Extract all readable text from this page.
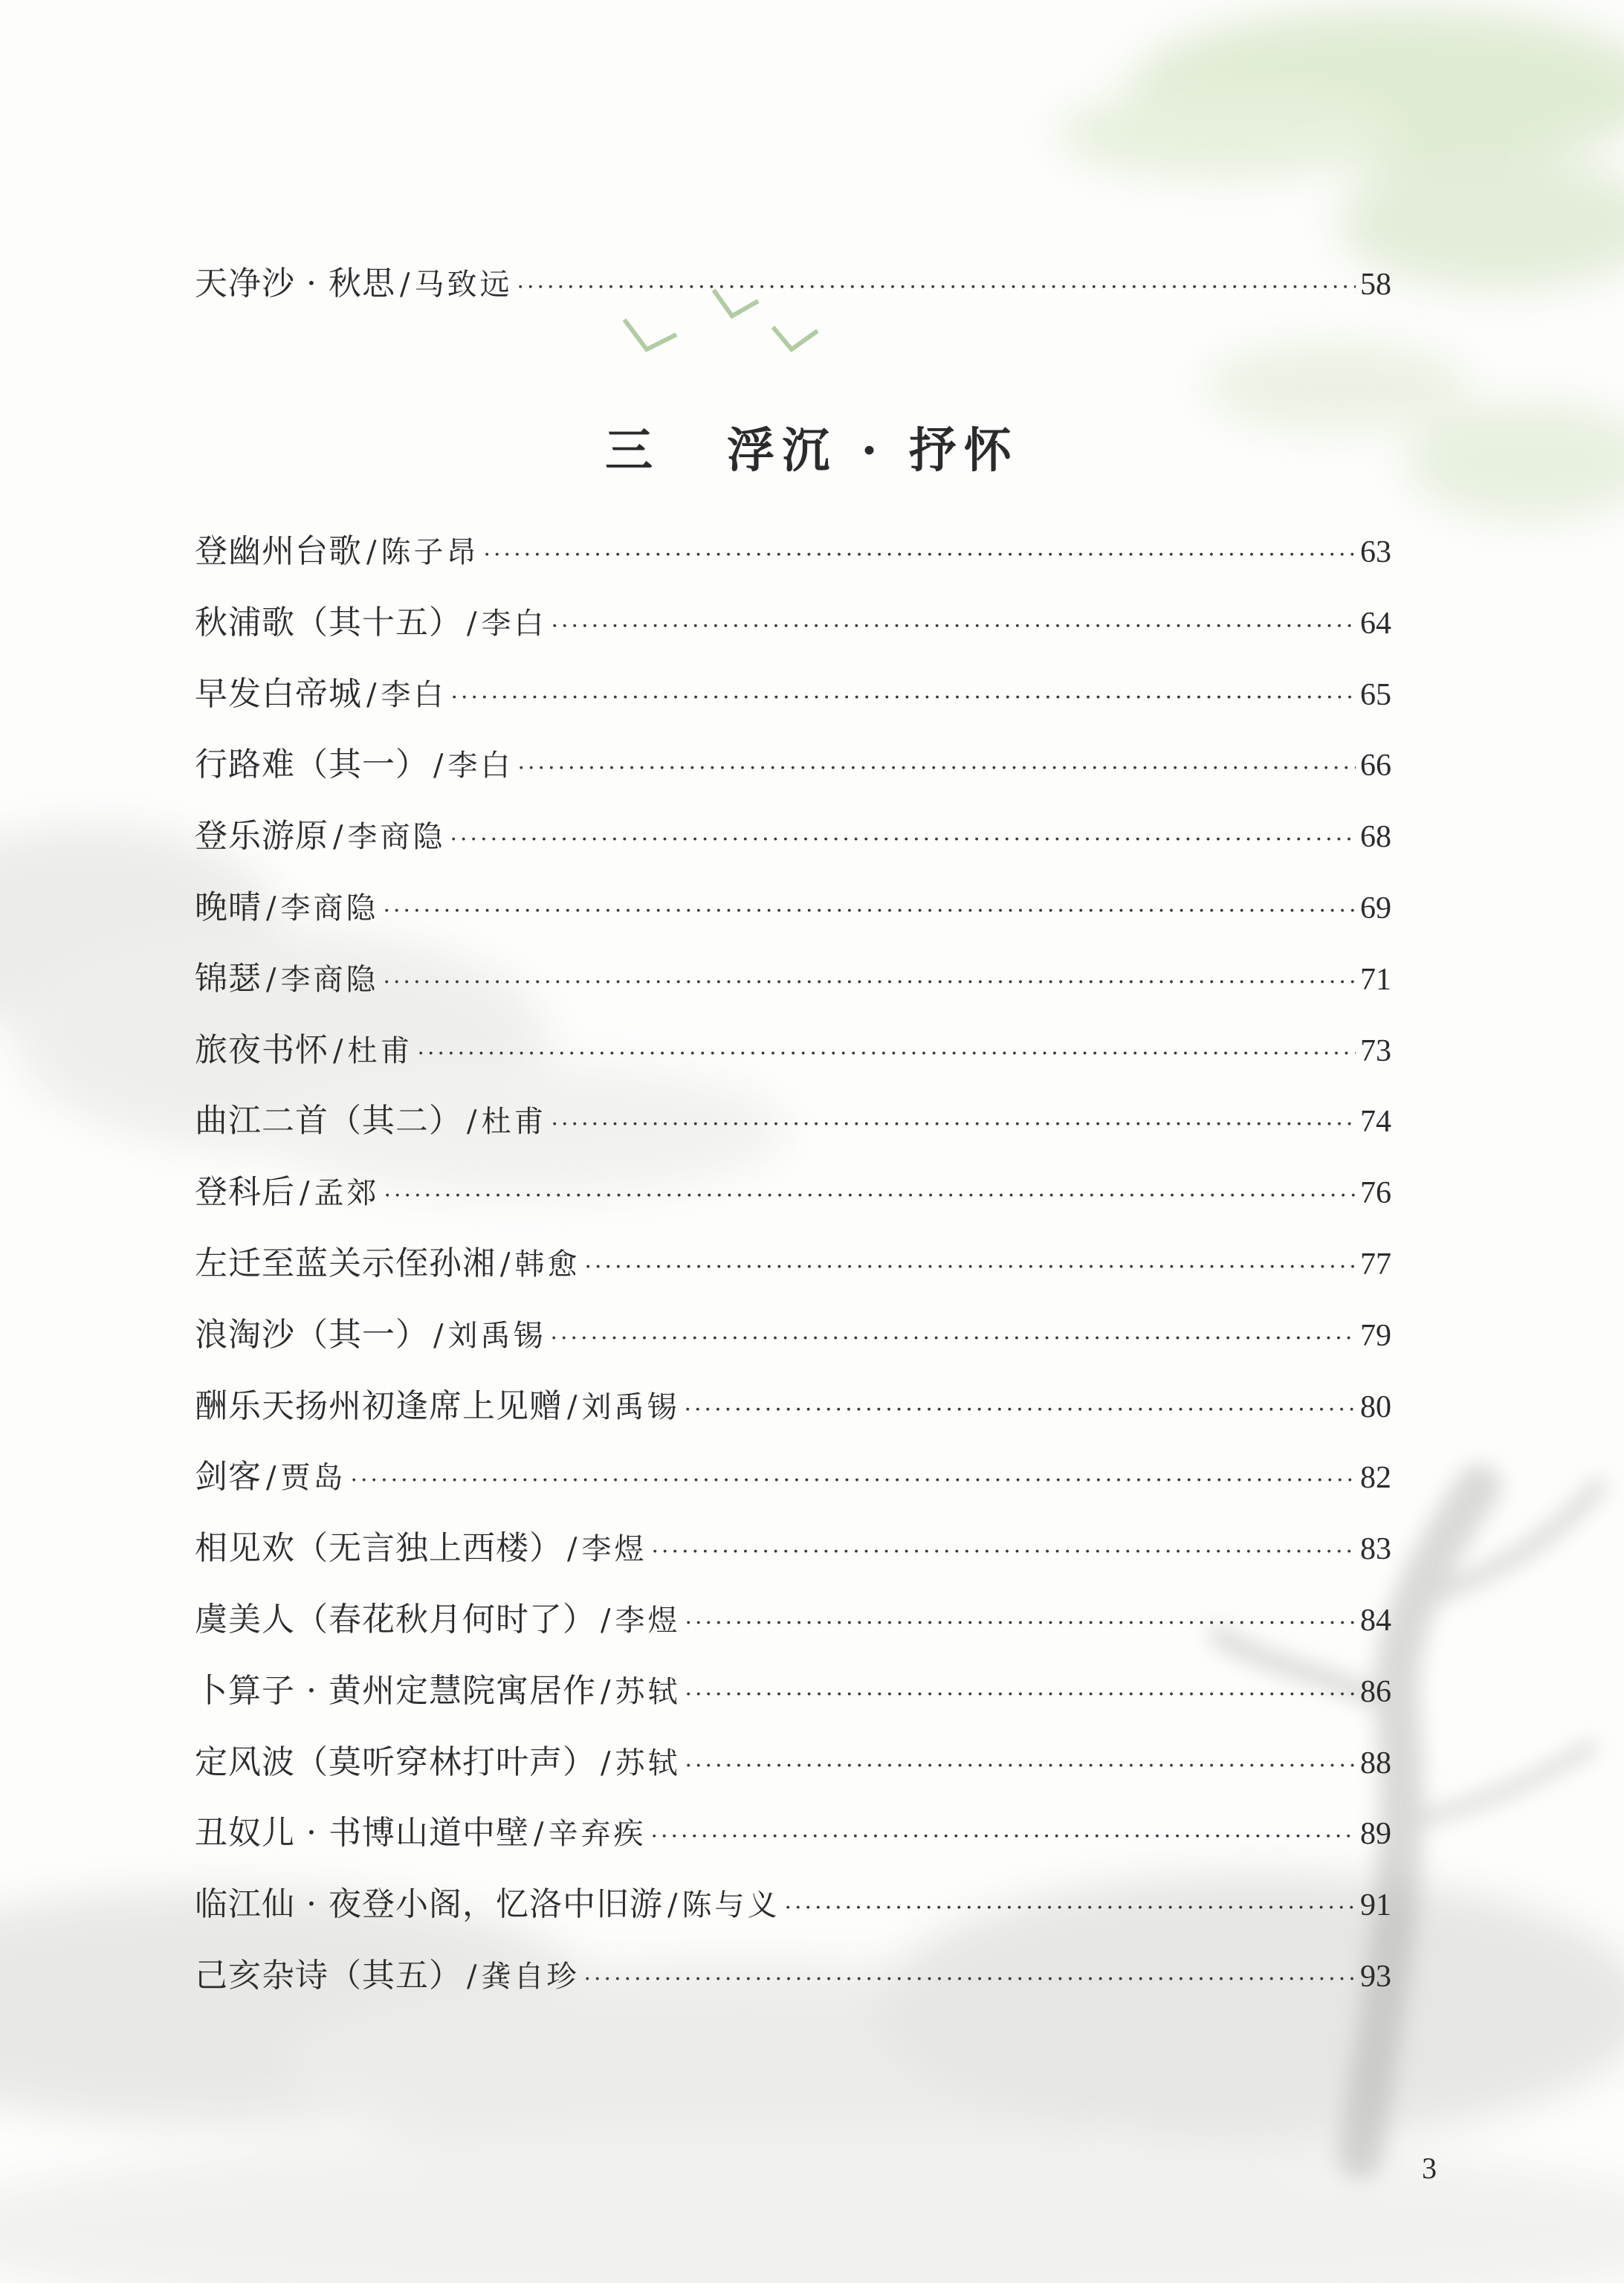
天净沙 · 秋思 / 马致远 ·····	58
三 浮沉 · 抒怀
登幽州台歌 / 陈子昂 ·····	63
秋浦歌（其十五） / 李白 ·····	64
早发白帝城 / 李白 ·····	65
行路难（其一） / 李白 ·····	66
登乐游原 / 李商隐 ·····	68
晚晴 / 李商隐 ·····	69
锦瑟 / 李商隐 ·····	71
旅夜书怀 / 杜甫 ·····	73
曲江二首（其二） / 杜甫 ·····	74
登科后 / 孟郊 ·····	76
左迁至蓝关示侄孙湘 / 韩愈 ·····	77
浪淘沙（其一） / 刘禹锡 ·····	79
酬乐天扬州初逢席上见赠 / 刘禹锡 ·····	80
剑客 / 贾岛 ·····	82
相见欢（无言独上西楼） / 李煜 ·····	83
虞美人（春花秋月何时了） / 李煜 ·····	84
卜算子 · 黄州定慧院寓居作 / 苏轼 ·····	86
定风波（莫听穿林打叶声） / 苏轼 ·····	88
丑奴儿 · 书博山道中壁 / 辛弃疾 ·····	89
临江仙 · 夜登小阁，忆洛中旧游 / 陈与义 ·····	91
己亥杂诗（其五） / 龚自珍 ·····	93
3
